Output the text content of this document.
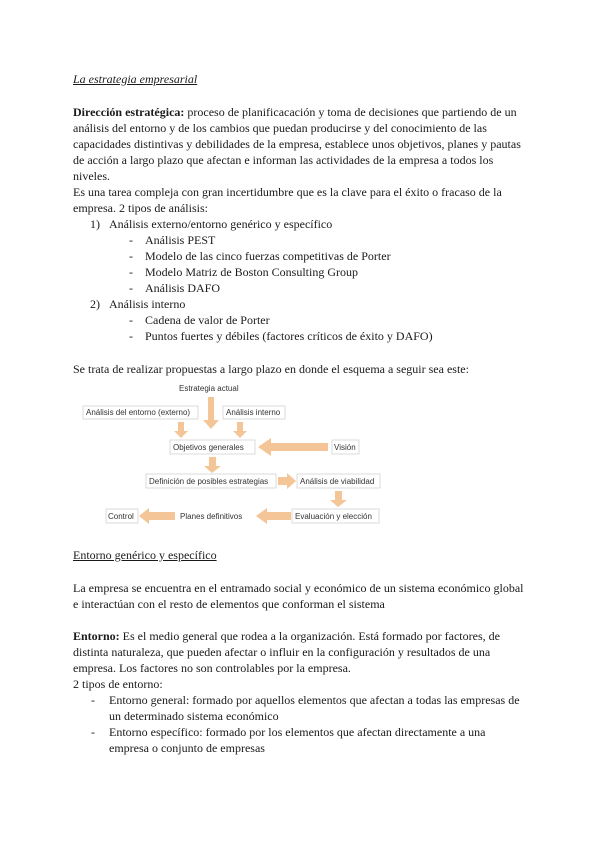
La estrategia empresarial
Dirección estratégica: proceso de planificacación y toma de decisiones que partiendo de un
análisis del entorno y de los cambios que puedan producirse y del conocimiento de las
capacidades distintivas y debilidades de la empresa, establece unos objetivos, planes y pautas
de acción a largo plazo que afectan e informan las actividades de la empresa a todos los
niveles.
Es una tarea compleja con gran incertidumbre que es la clave para el éxito o fracaso de la
empresa. 2 tipos de análisis:
1) Análisis externo/entorno genérico y específico
- Análisis PEST
- Modelo de las cinco fuerzas competitivas de Porter
- Modelo Matriz de Boston Consulting Group
- Análisis DAFO
2) Análisis interno
- Cadena de valor de Porter
- Puntos fuertes y débiles (factores críticos de éxito y DAFO)
Se trata de realizar propuestas a largo plazo en donde el esquema a seguir sea este:
Estrategia actual
Análisis del entorno (externo)	Análisis interno
Objetivos generales	Visión
Definición de posibles estrategias	Análisis de viabilidad
Control	Planes definitivos	Evaluación y elección
Entorno genérico y específico
La empresa se encuentra en el entramado social y económico de un sistema económico global
e interactúan con el resto de elementos que conforman el sistema
Entorno: Es el medio general que rodea a la organización. Está formado por factores, de
distinta naturaleza, que pueden afectar o influir en la configuración y resultados de una
empresa. Los factores no son controlables por la empresa.
2 tipos de entorno:
- Entorno general: formado por aquellos elementos que afectan a todas las empresas de
un determinado sistema económico
- Entorno específico: formado por los elementos que afectan directamente a una
empresa o conjunto de empresas
